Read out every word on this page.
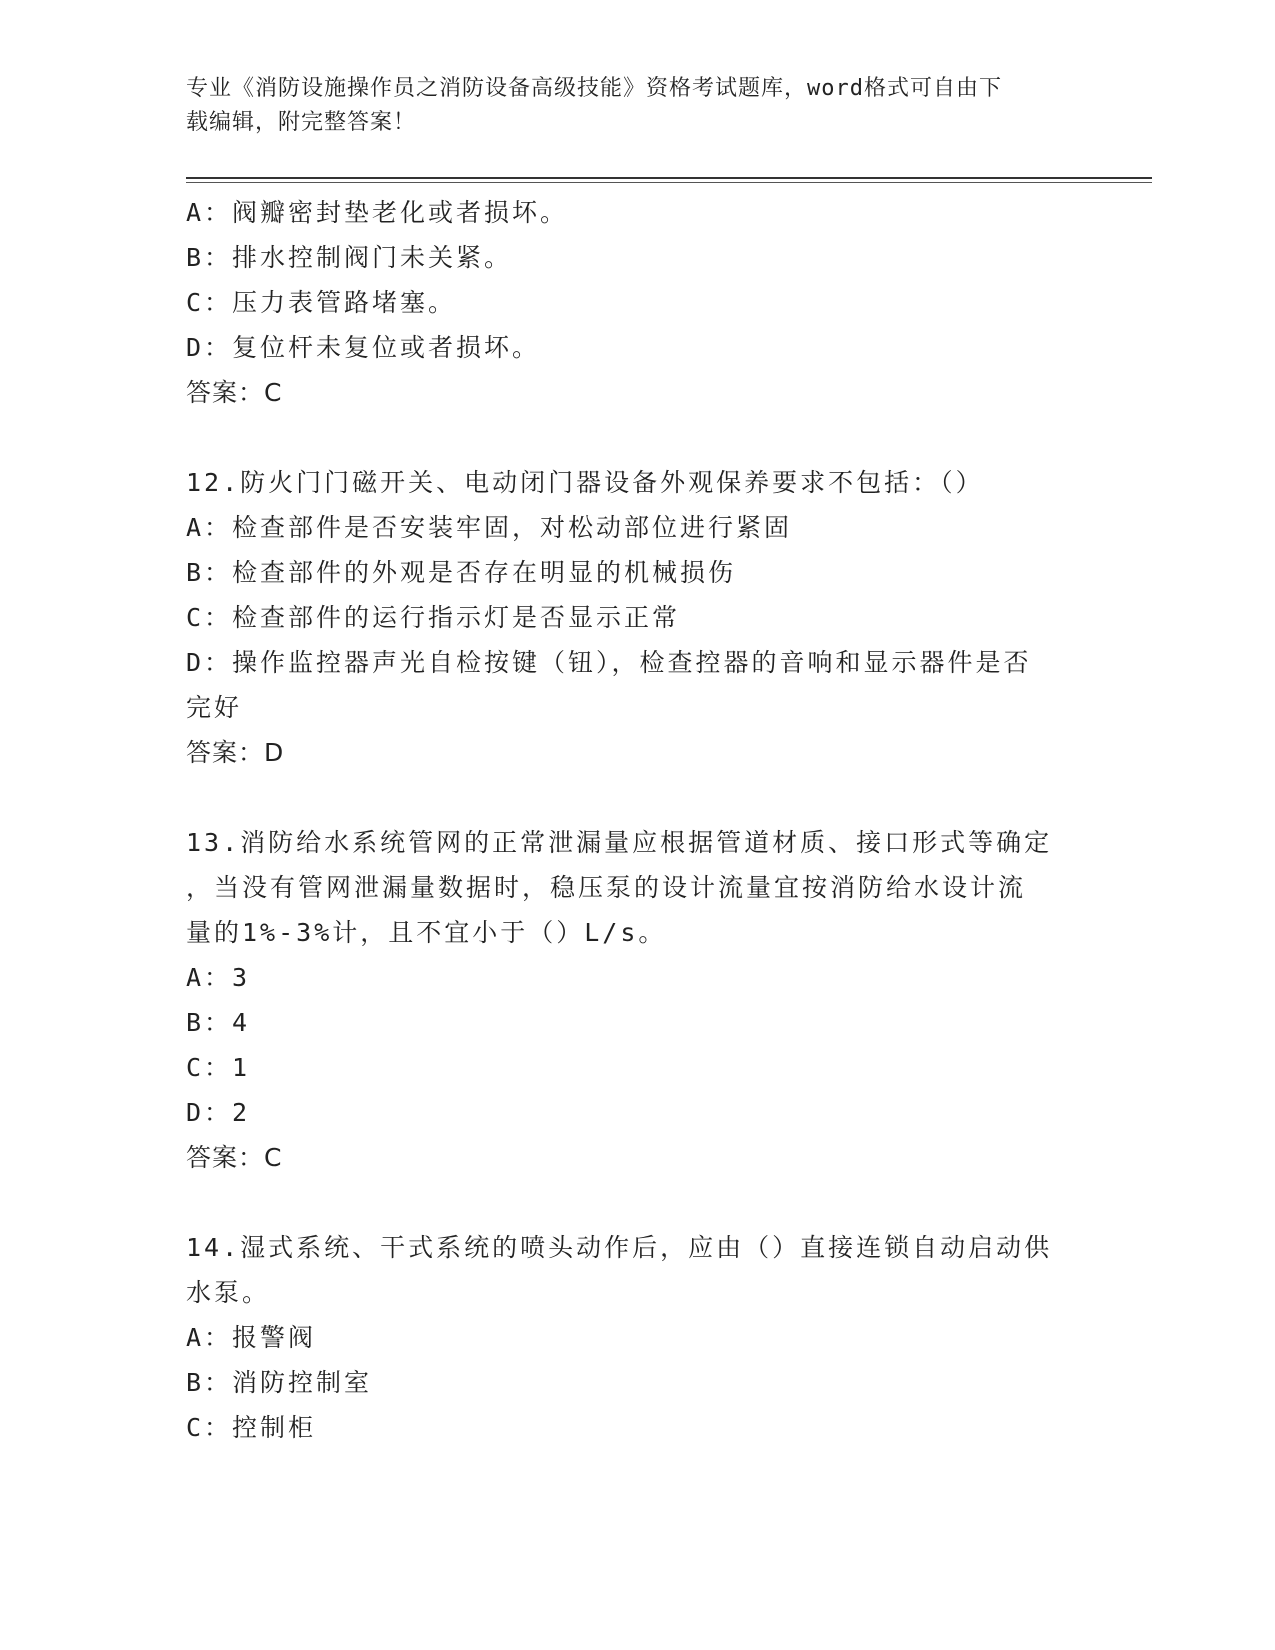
专业《消防设施操作员之消防设备高级技能》资格考试题库，word格式可自由下
载编辑，附完整答案！
A：阀瓣密封垫老化或者损坏。
B：排水控制阀门未关紧。
C：压力表管路堵塞。
D：复位杆未复位或者损坏。
答案：C
12.防火门门磁开关、电动闭门器设备外观保养要求不包括：（）
A：检查部件是否安装牢固，对松动部位进行紧固
B：检查部件的外观是否存在明显的机械损伤
C：检查部件的运行指示灯是否显示正常
D：操作监控器声光自检按键（钮），检查控器的音响和显示器件是否
完好
答案：D
13.消防给水系统管网的正常泄漏量应根据管道材质、接口形式等确定
，当没有管网泄漏量数据时，稳压泵的设计流量宜按消防给水设计流
量的1%-3%计，且不宜小于（）L/s。
A：3
B：4
C：1
D：2
答案：C
14.湿式系统、干式系统的喷头动作后，应由（）直接连锁自动启动供
水泵。
A：报警阀
B：消防控制室
C：控制柜
